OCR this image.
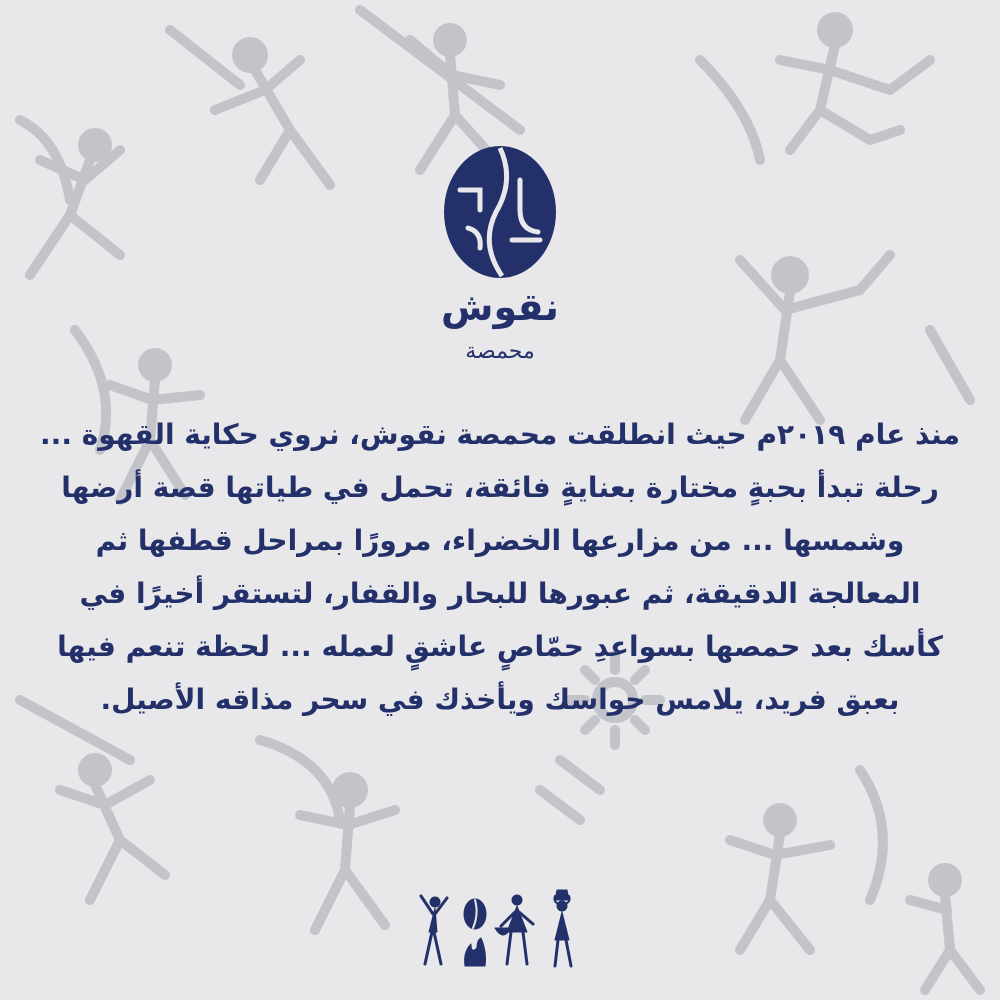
نقوش
محمصة

منذ عام ٢٠١٩م حيث انطلقت محمصة نقوش، نروي حكاية القهوة ... رحلة تبدأ بحبةٍ مختارة بعنايةٍ فائقة، تحمل في طياتها قصة أرضها وشمسها ... من مزارعها الخضراء، مرورًا بمراحل قطفها ثم المعالجة الدقيقة، ثم عبورها للبحار والقفار، لتستقر أخيرًا في كأسك بعد حمصها بسواعدِ حمّاصٍ عاشقٍ لعمله ... لحظة تنعم فيها بعبق فريد، يلامس حواسك ويأخذك في سحر مذاقه الأصيل.
